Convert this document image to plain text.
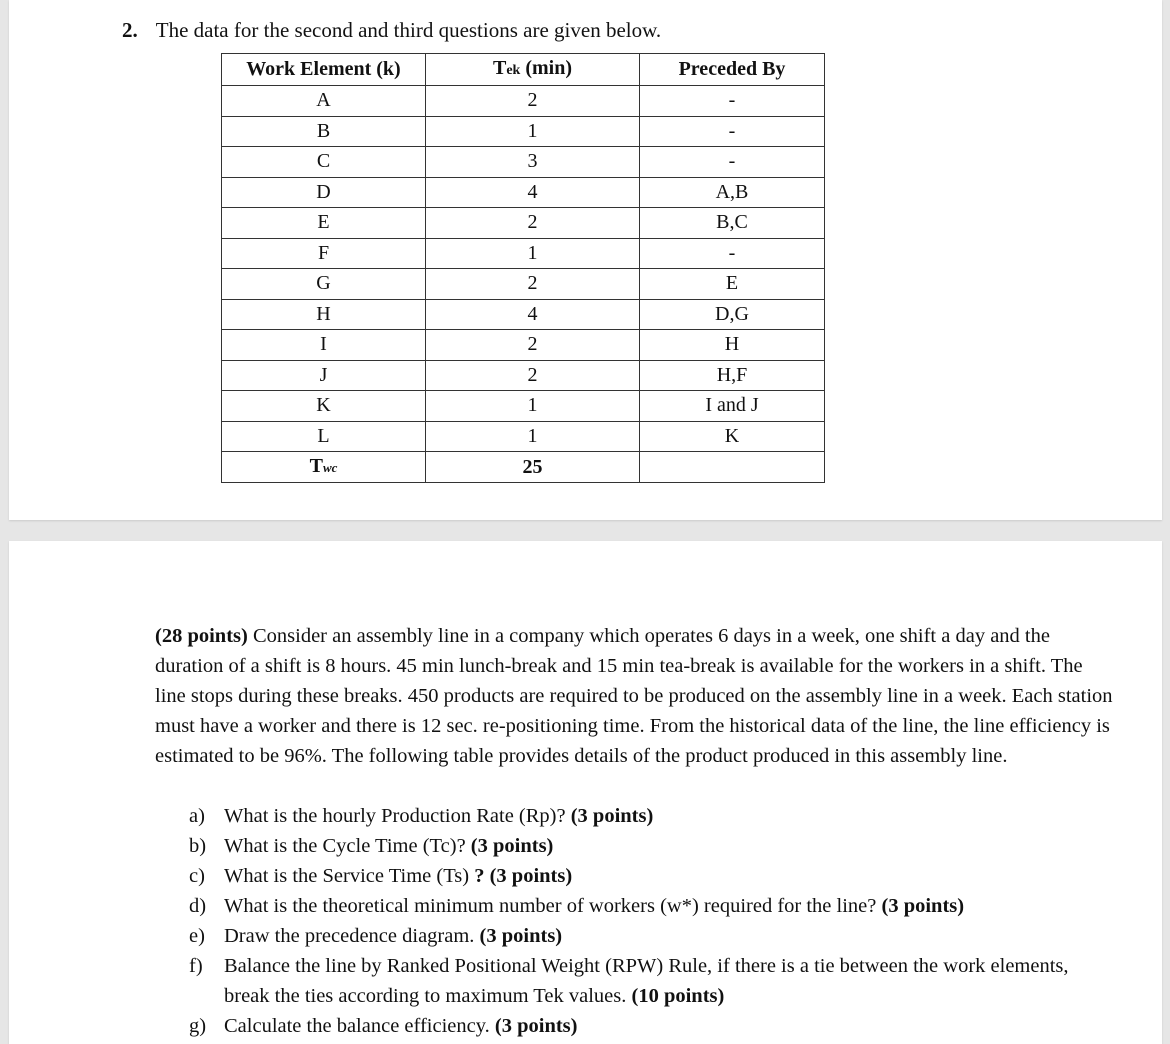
2. The data for the second and third questions are given below.
Work Element (k)	Tek (min)	Preceded By
A	2	-
B	1	-
C	3	-
D	4	A,B
E	2	B,C
F	1	-
G	2	E
H	4	D,G
I	2	H
J	2	H,F
K	1	I and J
L	1	K
Twc	25	
(28 points) Consider an assembly line in a company which operates 6 days in a week, one shift a day and the duration of a shift is 8 hours. 45 min lunch-break and 15 min tea-break is available for the workers in a shift. The line stops during these breaks. 450 products are required to be produced on the assembly line in a week. Each station must have a worker and there is 12 sec. re-positioning time. From the historical data of the line, the line efficiency is estimated to be 96%. The following table provides details of the product produced in this assembly line.
a) What is the hourly Production Rate (Rp)? (3 points)
b) What is the Cycle Time (Tc)? (3 points)
c) What is the Service Time (Ts) ? (3 points)
d) What is the theoretical minimum number of workers (w*) required for the line? (3 points)
e) Draw the precedence diagram. (3 points)
f) Balance the line by Ranked Positional Weight (RPW) Rule, if there is a tie between the work elements, break the ties according to maximum Tek values. (10 points)
g) Calculate the balance efficiency. (3 points)
